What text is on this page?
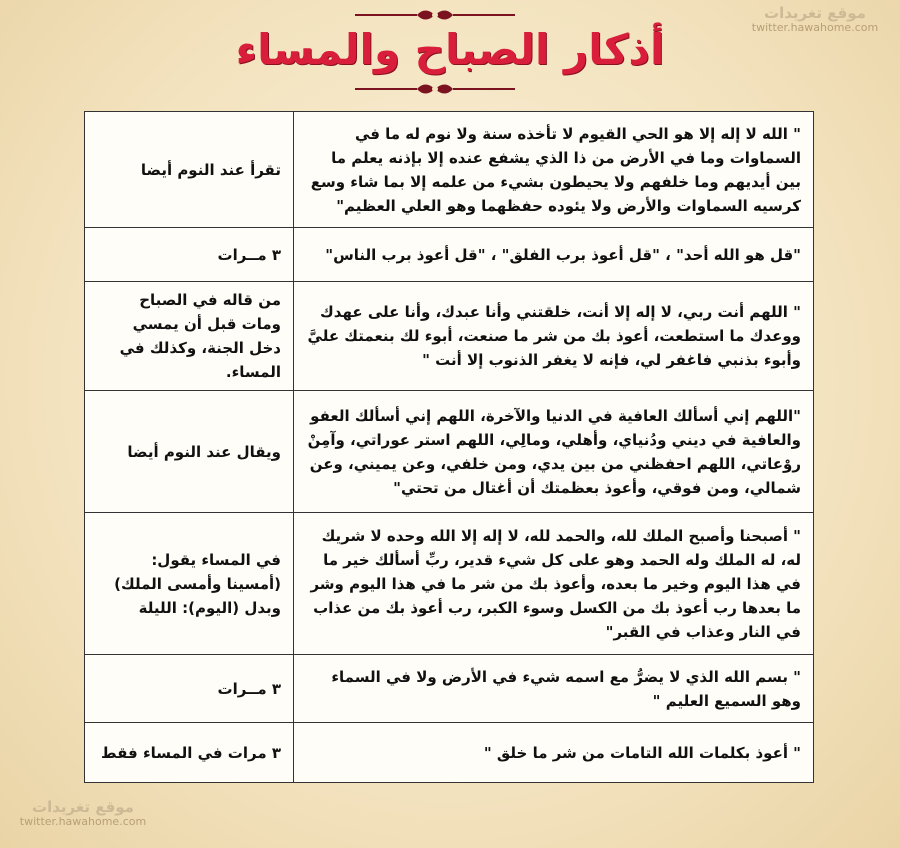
موقع تغريدات
twitter.hawahome.com
أذكار الصباح والمساء
" الله لا إله إلا هو الحي القيوم لا تأخذه سنة ولا نوم له ما في السماوات وما في الأرض من ذا الذي يشفع عنده إلا بإذنه يعلم ما بين أيديهم وما خلفهم ولا يحيطون بشيء من علمه إلا بما شاء وسع كرسيه السماوات والأرض ولا يئوده حفظهما وهو العلي العظيم"	تقرأ عند النوم أيضا
"قل هو الله أحد" ، "قل أعوذ برب الفلق" ، "قل أعوذ برب الناس"	٣ مــرات
" اللهم أنت ربي، لا إله إلا أنت، خلقتني وأنا عبدك، وأنا على عهدك ووعدك ما استطعت، أعوذ بك من شر ما صنعت، أبوء لك بنعمتك عليَّ وأبوء بذنبي فاغفر لي، فإنه لا يغفر الذنوب إلا أنت "	من قاله في الصباح ومات قبل أن يمسي دخل الجنة، وكذلك في المساء.
"اللهم إني أسألك العافية في الدنيا والآخرة، اللهم إني أسألك العفو والعافية في ديني ودُنياي، وأهلي، ومالِي، اللهم استر عوراتي، وآمِنْ روْعاتي، اللهم احفظني من بين يدي، ومن خلفي، وعن يميني، وعن شمالي، ومن فوقي، وأعوذ بعظمتك أن أغتال من تحتي"	ويقال عند النوم أيضا
" أصبحنا وأصبح الملك لله، والحمد لله، لا إله إلا الله وحده لا شريك له، له الملك وله الحمد وهو على كل شيء قدير، ربِّ أسألك خير ما في هذا اليوم وخير ما بعده، وأعوذ بك من شر ما في هذا اليوم وشر ما بعدها رب أعوذ بك من الكسل وسوء الكبر، رب أعوذ بك من عذاب في النار وعذاب في القبر"	في المساء يقول: (أمسينا وأمسى الملك) وبدل (اليوم): الليلة
" بسم الله الذي لا يضرُّ مع اسمه شيء في الأرض ولا في السماء وهو السميع العليم "	٣ مــرات
" أعوذ بكلمات الله التامات من شر ما خلق "	٣ مرات في المساء فقط
موقع تغريدات
twitter.hawahome.com
